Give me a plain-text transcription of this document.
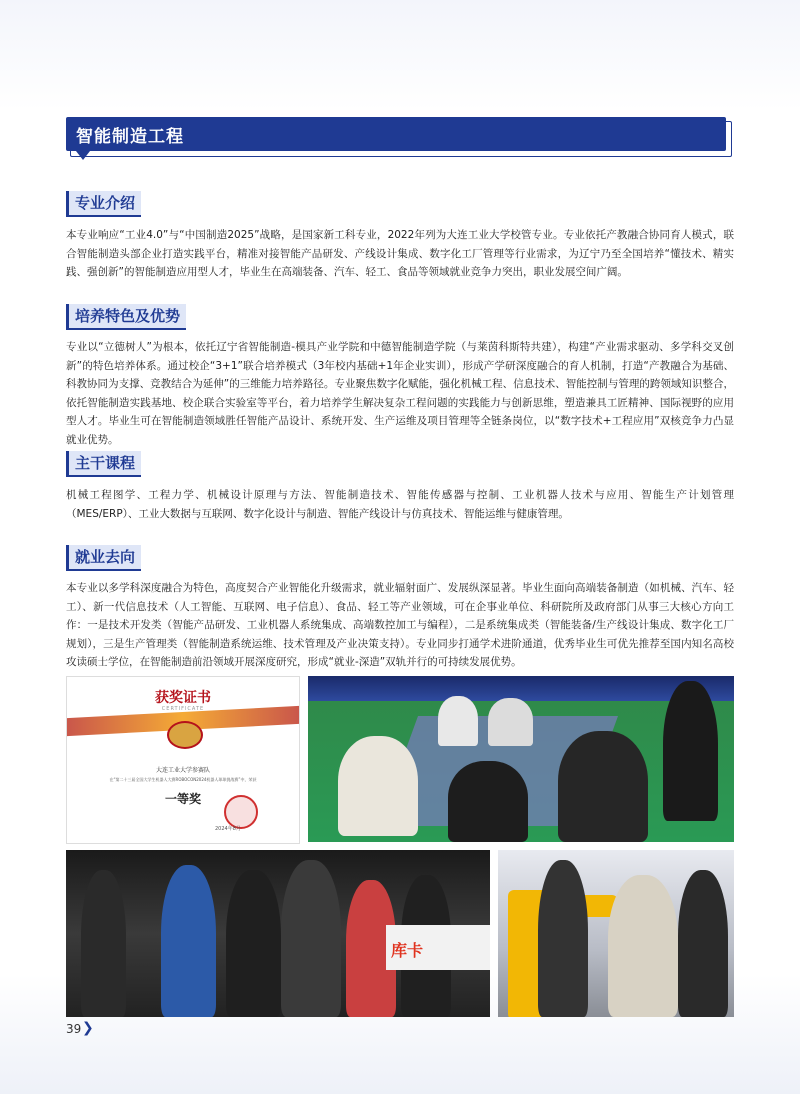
智能制造工程
专业介绍
本专业响应“工业4.0”与“中国制造2025”战略，是国家新工科专业，2022年列为大连工业大学校管专业。专业依托产教融合协同育人模式，联合智能制造头部企业打造实践平台，精准对接智能产品研发、产线设计集成、数字化工厂管理等行业需求，为辽宁乃至全国培养“懂技术、精实践、强创新”的智能制造应用型人才，毕业生在高端装备、汽车、轻工、食品等领域就业竞争力突出，职业发展空间广阔。
培养特色及优势
专业以“立德树人”为根本，依托辽宁省智能制造-模具产业学院和中德智能制造学院（与莱茵科斯特共建），构建“产业需求驱动、多学科交叉创新”的特色培养体系。通过校企“3+1”联合培养模式（3年校内基础+1年企业实训），形成产学研深度融合的育人机制，打造“产教融合为基础、科教协同为支撑、竞教结合为延伸”的三维能力培养路径。专业聚焦数字化赋能，强化机械工程、信息技术、智能控制与管理的跨领域知识整合，依托智能制造实践基地、校企联合实验室等平台，着力培养学生解决复杂工程问题的实践能力与创新思维，塑造兼具工匠精神、国际视野的应用型人才。毕业生可在智能制造领域胜任智能产品设计、系统开发、生产运维及项目管理等全链条岗位，以“数字技术+工程应用”双核竞争力凸显就业优势。
主干课程
机械工程图学、工程力学、机械设计原理与方法、智能制造技术、智能传感器与控制、工业机器人技术与应用、智能生产计划管理（MES/ERP）、工业大数据与互联网、数字化设计与制造、智能产线设计与仿真技术、智能运维与健康管理。
就业去向
本专业以多学科深度融合为特色，高度契合产业智能化升级需求，就业辐射面广、发展纵深显著。毕业生面向高端装备制造（如机械、汽车、轻工）、新一代信息技术（人工智能、互联网、电子信息）、食品、轻工等产业领域，可在企事业单位、科研院所及政府部门从事三大核心方向工作：一是技术开发类（智能产品研发、工业机器人系统集成、高端数控加工与编程），二是系统集成类（智能装备/生产线设计集成、数字化工厂规划），三是生产管理类（智能制造系统运维、技术管理及产业决策支持）。专业同步打通学术进阶通道，优秀毕业生可优先推荐至国内知名高校攻读硕士学位，在智能制造前沿领域开展深度研究，形成“就业-深造”双轨并行的可持续发展优势。
获奖证书
CERTIFICATE
大连工业大学参赛队
在“第二十三届全国大学生机器人大赛ROBOCON2024机器人球球挑战赛”中，荣获
一等奖
2024年8月
库卡
39 ❯
